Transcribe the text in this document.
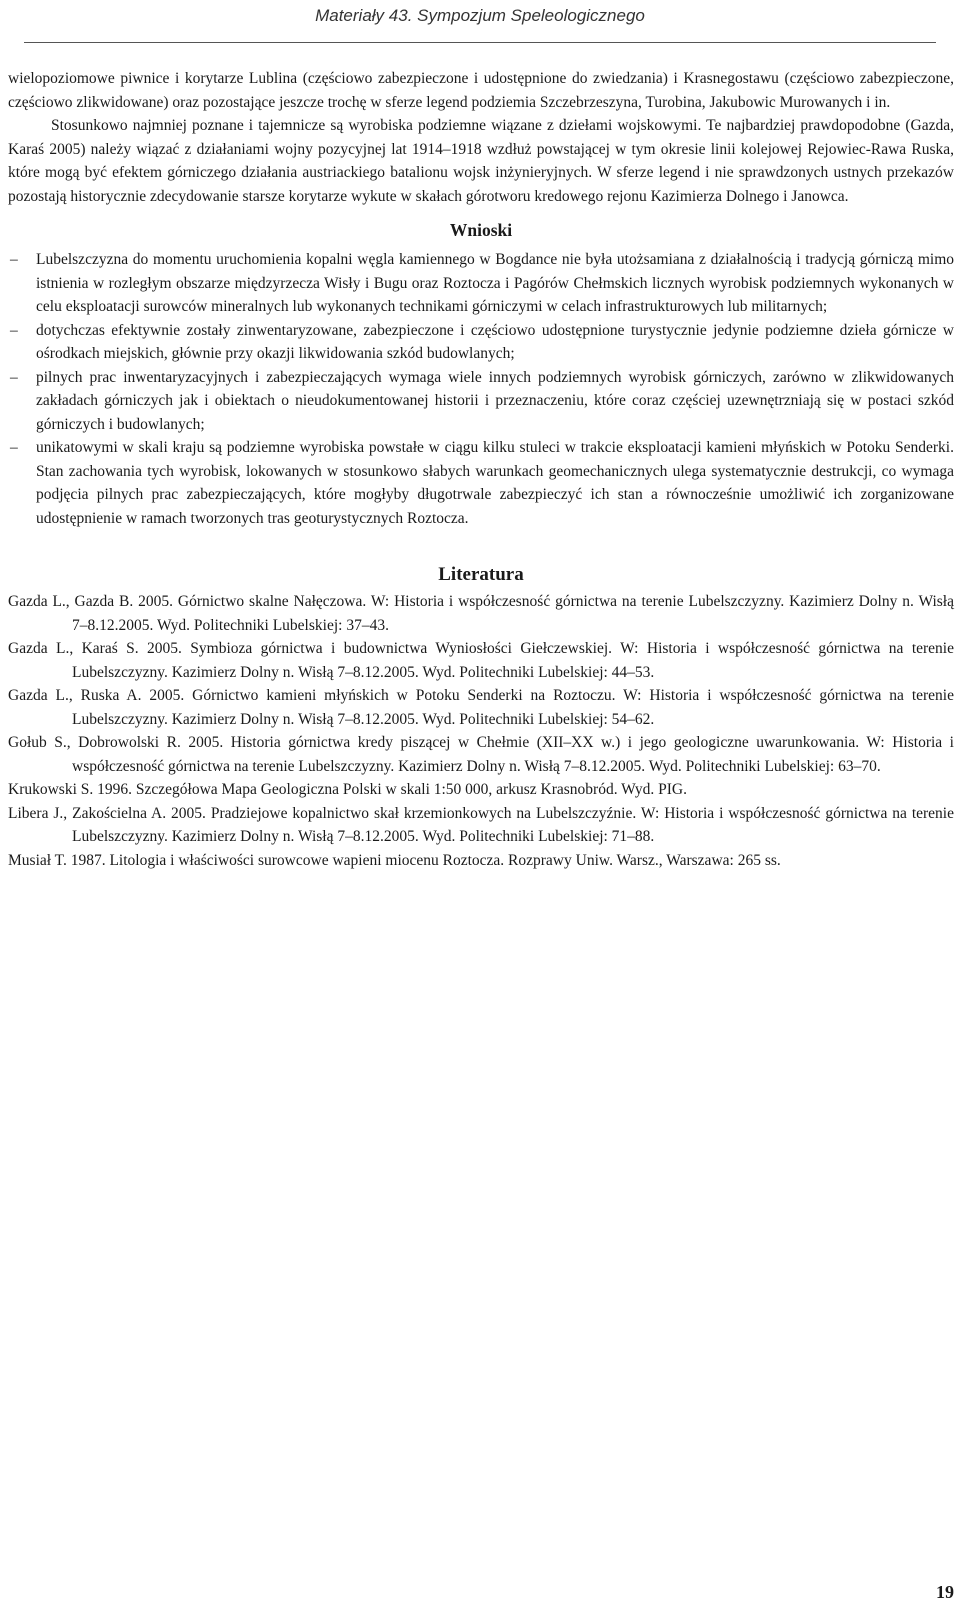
Materiały 43. Sympozjum Speleologicznego

wielopoziomowe piwnice i korytarze Lublina (częściowo zabezpieczone i udostępnione do zwiedzania) i Krasnegostawu (częściowo zabezpieczone, częściowo zlikwidowane) oraz pozostające jeszcze trochę w sferze legend podziemia Szczebrzeszyna, Turobina, Jakubowic Murowanych i in.

Stosunkowo najmniej poznane i tajemnicze są wyrobiska podziemne wiązane z dziełami wojskowymi. Te najbardziej prawdopodobne (Gazda, Karaś 2005) należy wiązać z działaniami wojny pozycyjnej lat 1914–1918 wzdłuż powstającej w tym okresie linii kolejowej Rejowiec-Rawa Ruska, które mogą być efektem górniczego działania austriackiego batalionu wojsk inżynieryjnych. W sferze legend i nie sprawdzonych ustnych przekazów pozostają historycznie zdecydowanie starsze korytarze wykute w skałach górotworu kredowego rejonu Kazimierza Dolnego i Janowca.

Wnioski
– Lubelszczyzna do momentu uruchomienia kopalni węgla kamiennego w Bogdance nie była utożsamiana z działalnością i tradycją górniczą mimo istnienia w rozległym obszarze międzyrzecza Wisły i Bugu oraz Roztocza i Pagórów Chełmskich licznych wyrobisk podziemnych wykonanych w celu eksploatacji surowców mineralnych lub wykonanych technikami górniczymi w celach infrastrukturowych lub militarnych;
– dotychczas efektywnie zostały zinwentaryzowane, zabezpieczone i częściowo udostępnione turystycznie jedynie podziemne dzieła górnicze w ośrodkach miejskich, głównie przy okazji likwidowania szkód budowlanych;
– pilnych prac inwentaryzacyjnych i zabezpieczających wymaga wiele innych podziemnych wyrobisk górniczych, zarówno w zlikwidowanych zakładach górniczych jak i obiektach o nieudokumentowanej historii i przeznaczeniu, które coraz częściej uzewnętrzniają się w postaci szkód górniczych i budowlanych;
– unikatowymi w skali kraju są podziemne wyrobiska powstałe w ciągu kilku stuleci w trakcie eksploatacji kamieni młyńskich w Potoku Senderki. Stan zachowania tych wyrobisk, lokowanych w stosunkowo słabych warunkach geomechanicznych ulega systematycznie destrukcji, co wymaga podjęcia pilnych prac zabezpieczających, które mogłyby długotrwale zabezpieczyć ich stan a równocześnie umożliwić ich zorganizowane udostępnienie w ramach tworzonych tras geoturystycznych Roztocza.
Literatura

Gazda L., Gazda B. 2005. Górnictwo skalne Nałęczowa. W: Historia i współczesność górnictwa na terenie Lubelszczyzny. Kazimierz Dolny n. Wisłą 7–8.12.2005. Wyd. Politechniki Lubelskiej: 37–43.

Gazda L., Karaś S. 2005. Symbioza górnictwa i budownictwa Wyniosłości Giełczewskiej. W: Historia i współczesność górnictwa na terenie Lubelszczyzny. Kazimierz Dolny n. Wisłą 7–8.12.2005. Wyd. Politechniki Lubelskiej: 44–53.

Gazda L., Ruska A. 2005. Górnictwo kamieni młyńskich w Potoku Senderki na Roztoczu. W: Historia i współczesność górnictwa na terenie Lubelszczyzny. Kazimierz Dolny n. Wisłą 7–8.12.2005. Wyd. Politechniki Lubelskiej: 54–62.

Gołub S., Dobrowolski R. 2005. Historia górnictwa kredy piszącej w Chełmie (XII–XX w.) i jego geologiczne uwarunkowania. W: Historia i współczesność górnictwa na terenie Lubelszczyzny. Kazimierz Dolny n. Wisłą 7–8.12.2005. Wyd. Politechniki Lubelskiej: 63–70.

Krukowski S. 1996. Szczegółowa Mapa Geologiczna Polski w skali 1:50 000, arkusz Krasnobród. Wyd. PIG.

Libera J., Zakościelna A. 2005. Pradziejowe kopalnictwo skał krzemionkowych na Lubelszczyźnie. W: Historia i współczesność górnictwa na terenie Lubelszczyzny. Kazimierz Dolny n. Wisłą 7–8.12.2005. Wyd. Politechniki Lubelskiej: 71–88.

Musiał T. 1987. Litologia i właściwości surowcowe wapieni miocenu Roztocza. Rozprawy Uniw. Warsz., Warszawa: 265 ss.

19
